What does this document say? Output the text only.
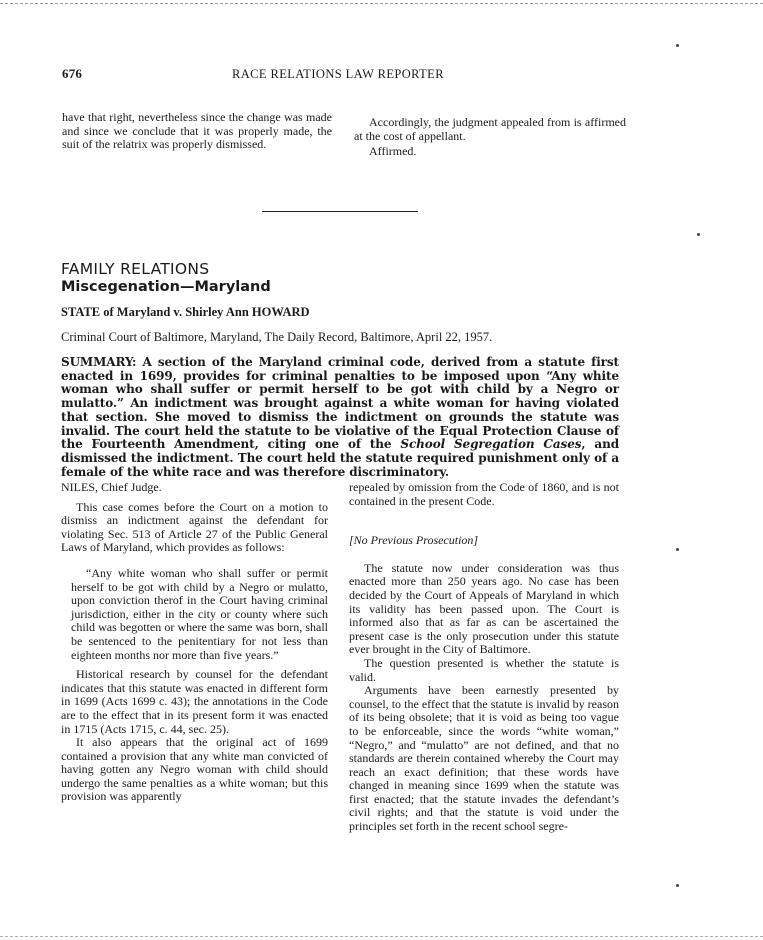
676	RACE RELATIONS LAW REPORTER

have that right, nevertheless since the change was made and since we conclude that it was properly made, the suit of the relatrix was properly dismissed.

Accordingly, the judgment appealed from is affirmed at the cost of appellant.

Affirmed.

FAMILY RELATIONS
Miscegenation—Maryland
STATE of Maryland v. Shirley Ann HOWARD
Criminal Court of Baltimore, Maryland, The Daily Record, Baltimore, April 22, 1957.
SUMMARY: A section of the Maryland criminal code, derived from a statute first enacted in 1699, provides for criminal penalties to be imposed upon “Any white woman who shall suffer or permit herself to be got with child by a Negro or mulatto.” An indictment was brought against a white woman for having violated that section. She moved to dismiss the indictment on grounds the statute was invalid. The court held the statute to be violative of the Equal Protection Clause of the Fourteenth Amendment, citing one of the School Segregation Cases, and dismissed the indictment. The court held the statute required punishment only of a female of the white race and was therefore discriminatory.

NILES, Chief Judge.

This case comes before the Court on a motion to dismiss an indictment against the defendant for violating Sec. 513 of Article 27 of the Public General Laws of Maryland, which provides as follows:

“Any white woman who shall suffer or permit herself to be got with child by a Negro or mulatto, upon conviction therof in the Court having criminal jurisdiction, either in the city or county where such child was begotten or where the same was born, shall be sentenced to the penitentiary for not less than eighteen months nor more than five years.”

Historical research by counsel for the defendant indicates that this statute was enacted in different form in 1699 (Acts 1699 c. 43); the annotations in the Code are to the effect that in its present form it was enacted in 1715 (Acts 1715, c. 44, sec. 25).

It also appears that the original act of 1699 contained a provision that any white man convicted of having gotten any Negro woman with child should undergo the same penalties as a white woman; but this provision was apparently

repealed by omission from the Code of 1860, and is not contained in the present Code.

[No Previous Prosecution]

The statute now under consideration was thus enacted more than 250 years ago. No case has been decided by the Court of Appeals of Maryland in which its validity has been passed upon. The Court is informed also that as far as can be ascertained the present case is the only prosecution under this statute ever brought in the City of Baltimore.

The question presented is whether the statute is valid.

Arguments have been earnestly presented by counsel, to the effect that the statute is invalid by reason of its being obsolete; that it is void as being too vague to be enforceable, since the words “white woman,” “Negro,” and “mulatto” are not defined, and that no standards are therein contained whereby the Court may reach an exact definition; that these words have changed in meaning since 1699 when the statute was first enacted; that the statute invades the defendant’s civil rights; and that the statute is void under the principles set forth in the recent school segre-
